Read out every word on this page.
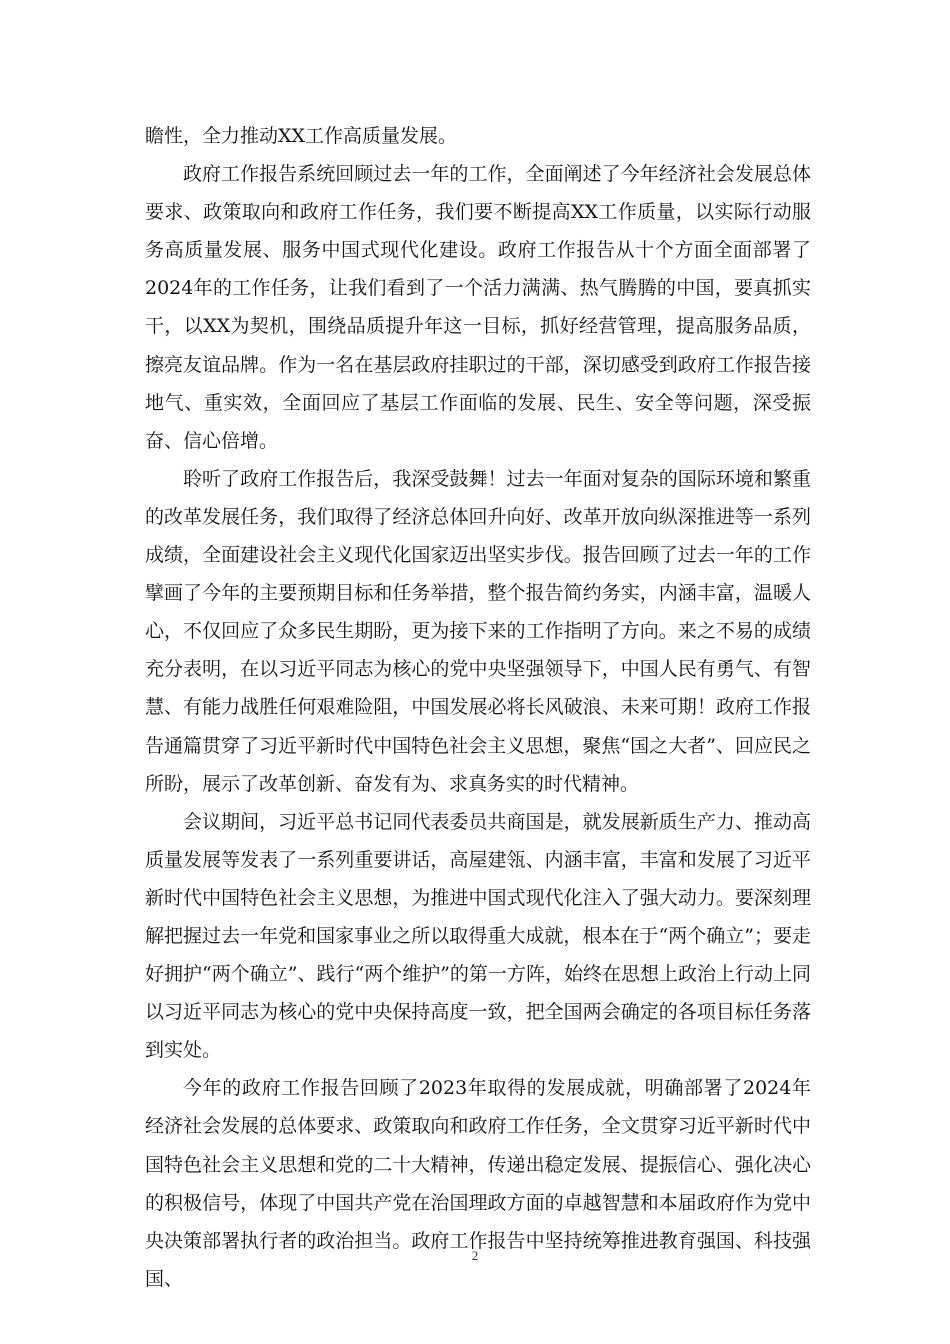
瞻性，全力推动XX工作高质量发展。

政府工作报告系统回顾过去一年的工作，全面阐述了今年经济社会发展总体要求、政策取向和政府工作任务，我们要不断提高XX工作质量，以实际行动服务高质量发展、服务中国式现代化建设。政府工作报告从十个方面全面部署了2024年的工作任务，让我们看到了一个活力满满、热气腾腾的中国，要真抓实干，以XX为契机，围绕品质提升年这一目标，抓好经营管理，提高服务品质，擦亮友谊品牌。作为一名在基层政府挂职过的干部，深切感受到政府工作报告接地气、重实效，全面回应了基层工作面临的发展、民生、安全等问题，深受振奋、信心倍增。

聆听了政府工作报告后，我深受鼓舞！过去一年面对复杂的国际环境和繁重的改革发展任务，我们取得了经济总体回升向好、改革开放向纵深推进等一系列成绩，全面建设社会主义现代化国家迈出坚实步伐。报告回顾了过去一年的工作擘画了今年的主要预期目标和任务举措，整个报告简约务实，内涵丰富，温暖人心，不仅回应了众多民生期盼，更为接下来的工作指明了方向。来之不易的成绩充分表明，在以习近平同志为核心的党中央坚强领导下，中国人民有勇气、有智慧、有能力战胜任何艰难险阻，中国发展必将长风破浪、未来可期！政府工作报告通篇贯穿了习近平新时代中国特色社会主义思想，聚焦“国之大者”、回应民之所盼，展示了改革创新、奋发有为、求真务实的时代精神。

会议期间，习近平总书记同代表委员共商国是，就发展新质生产力、推动高质量发展等发表了一系列重要讲话，高屋建瓴、内涵丰富，丰富和发展了习近平新时代中国特色社会主义思想，为推进中国式现代化注入了强大动力。要深刻理解把握过去一年党和国家事业之所以取得重大成就，根本在于“两个确立”；要走好拥护“两个确立”、践行“两个维护”的第一方阵，始终在思想上政治上行动上同以习近平同志为核心的党中央保持高度一致，把全国两会确定的各项目标任务落到实处。

今年的政府工作报告回顾了2023年取得的发展成就，明确部署了2024年经济社会发展的总体要求、政策取向和政府工作任务，全文贯穿习近平新时代中国特色社会主义思想和党的二十大精神，传递出稳定发展、提振信心、强化决心的积极信号，体现了中国共产党在治国理政方面的卓越智慧和本届政府作为党中央决策部署执行者的政治担当。政府工作报告中坚持统筹推进教育强国、科技强国、

2
